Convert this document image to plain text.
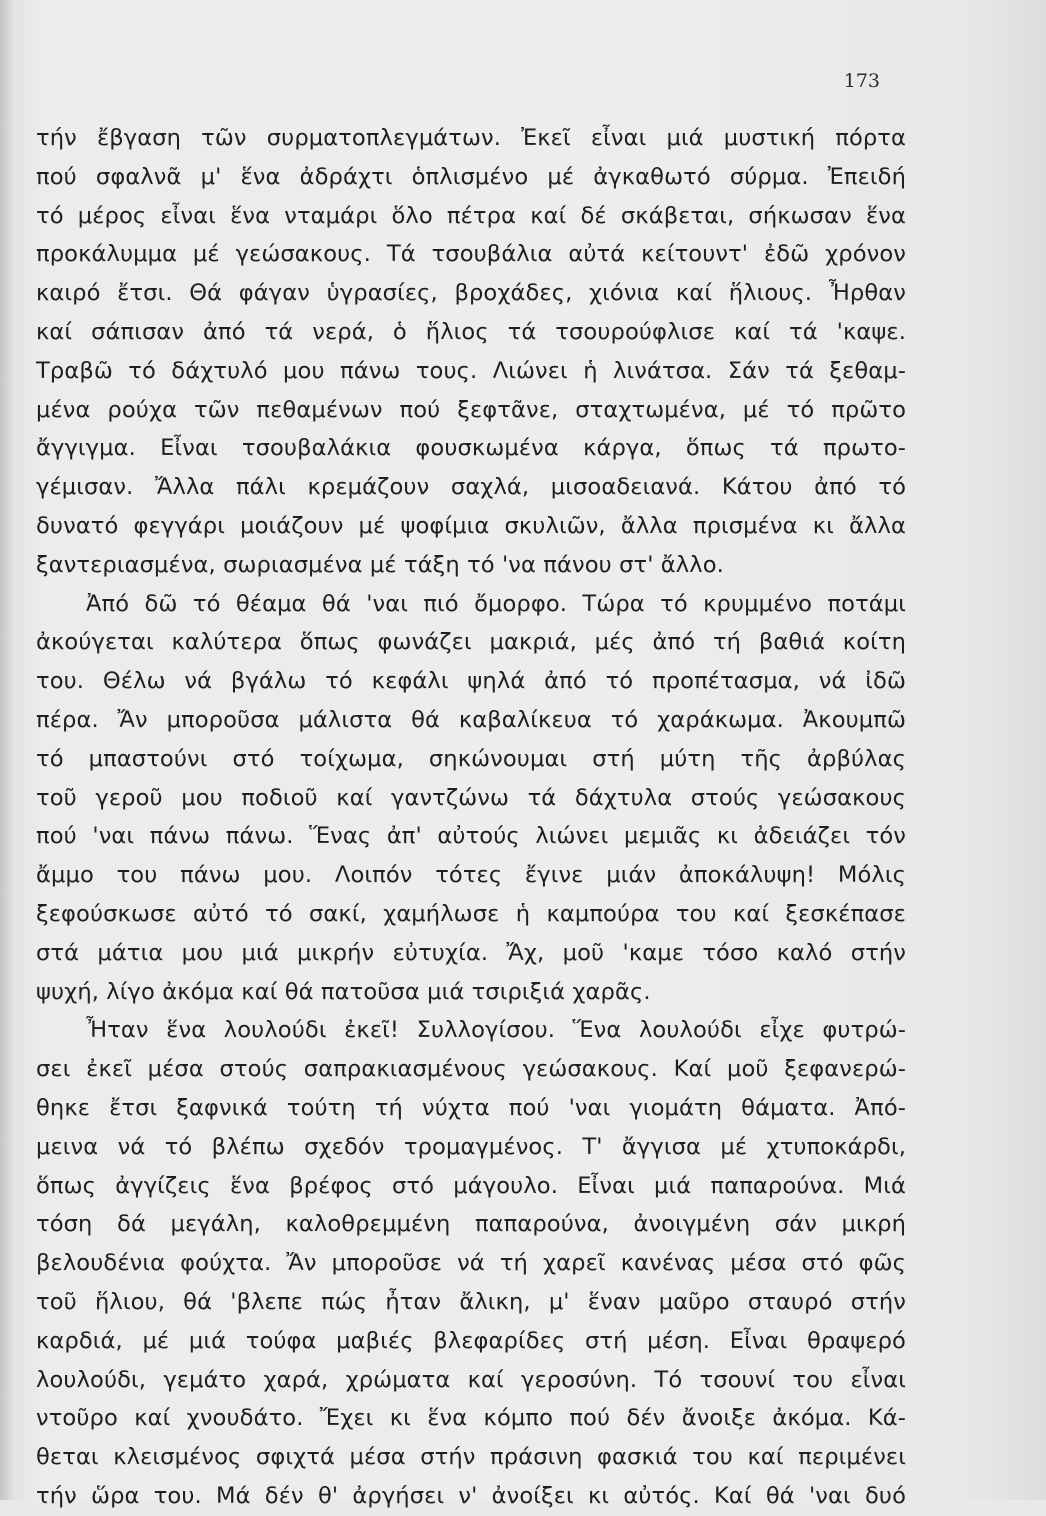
173
τήν ἔβγαση τῶν συρματοπλεγμάτων. Ἐκεῖ εἶναι μιά μυστική πόρτα
πού σφαλνᾶ μ' ἕνα ἀδράχτι ὁπλισμένο μέ ἀγκαθωτό σύρμα. Ἐπειδή
τό μέρος εἶναι ἕνα νταμάρι ὅλο πέτρα καί δέ σκάβεται, σήκωσαν ἕνα
προκάλυμμα μέ γεώσακους. Τά τσουβάλια αὐτά κείτουντ' ἐδῶ χρόνον
καιρό ἔτσι. Θά φάγαν ὑγρασίες, βροχάδες, χιόνια καί ἥλιους. Ἦρθαν
καί σάπισαν ἀπό τά νερά, ὁ ἥλιος τά τσουρούφλισε καί τά 'καψε.
Τραβῶ τό δάχτυλό μου πάνω τους. Λιώνει ἡ λινάτσα. Σάν τά ξεθαμ-
μένα ρούχα τῶν πεθαμένων πού ξεφτᾶνε, σταχτωμένα, μέ τό πρῶτο
ἄγγιγμα. Εἶναι τσουβαλάκια φουσκωμένα κάργα, ὅπως τά πρωτο-
γέμισαν. Ἄλλα πάλι κρεμάζουν σαχλά, μισοαδειανά. Κάτου ἀπό τό
δυνατό φεγγάρι μοιάζουν μέ ψοφίμια σκυλιῶν, ἄλλα πρισμένα κι ἄλλα
ξαντεριασμένα, σωριασμένα μέ τάξη τό 'να πάνου στ' ἄλλο.
Ἀπό δῶ τό θέαμα θά 'ναι πιό ὄμορφο. Τώρα τό κρυμμένο ποτάμι
ἀκούγεται καλύτερα ὅπως φωνάζει μακριά, μές ἀπό τή βαθιά κοίτη
του. Θέλω νά βγάλω τό κεφάλι ψηλά ἀπό τό προπέτασμα, νά ἰδῶ
πέρα. Ἄν μποροῦσα μάλιστα θά καβαλίκευα τό χαράκωμα. Ἀκουμπῶ
τό μπαστούνι στό τοίχωμα, σηκώνουμαι στή μύτη τῆς ἀρβύλας
τοῦ γεροῦ μου ποδιοῦ καί γαντζώνω τά δάχτυλα στούς γεώσακους
πού 'ναι πάνω πάνω. Ἕνας ἀπ' αὐτούς λιώνει μεμιᾶς κι ἀδειάζει τόν
ἄμμο του πάνω μου. Λοιπόν τότες ἔγινε μιάν ἀποκάλυψη! Μόλις
ξεφούσκωσε αὐτό τό σακί, χαμήλωσε ἡ καμπούρα του καί ξεσκέπασε
στά μάτια μου μιά μικρήν εὐτυχία. Ἄχ, μοῦ 'καμε τόσο καλό στήν
ψυχή, λίγο ἀκόμα καί θά πατοῦσα μιά τσιριξιά χαρᾶς.
Ἦταν ἕνα λουλούδι ἐκεῖ! Συλλογίσου. Ἕνα λουλούδι εἶχε φυτρώ-
σει ἐκεῖ μέσα στούς σαπρακιασμένους γεώσακους. Καί μοῦ ξεφανερώ-
θηκε ἔτσι ξαφνικά τούτη τή νύχτα πού 'ναι γιομάτη θάματα. Ἀπό-
μεινα νά τό βλέπω σχεδόν τρομαγμένος. Τ' ἄγγισα μέ χτυποκάρδι,
ὅπως ἀγγίζεις ἕνα βρέφος στό μάγουλο. Εἶναι μιά παπαρούνα. Μιά
τόση δά μεγάλη, καλοθρεμμένη παπαρούνα, ἀνοιγμένη σάν μικρή
βελουδένια φούχτα. Ἄν μποροῦσε νά τή χαρεῖ κανένας μέσα στό φῶς
τοῦ ἥλιου, θά 'βλεπε πώς ἦταν ἄλικη, μ' ἕναν μαῦρο σταυρό στήν
καρδιά, μέ μιά τούφα μαβιές βλεφαρίδες στή μέση. Εἶναι θραψερό
λουλούδι, γεμάτο χαρά, χρώματα καί γεροσύνη. Τό τσουνί του εἶναι
ντοῦρο καί χνουδάτο. Ἔχει κι ἕνα κόμπο πού δέν ἄνοιξε ἀκόμα. Κά-
θεται κλεισμένος σφιχτά μέσα στήν πράσινη φασκιά του καί περιμένει
τήν ὥρα του. Μά δέν θ' ἀργήσει ν' ἀνοίξει κι αὐτός. Καί θά 'ναι δυό
